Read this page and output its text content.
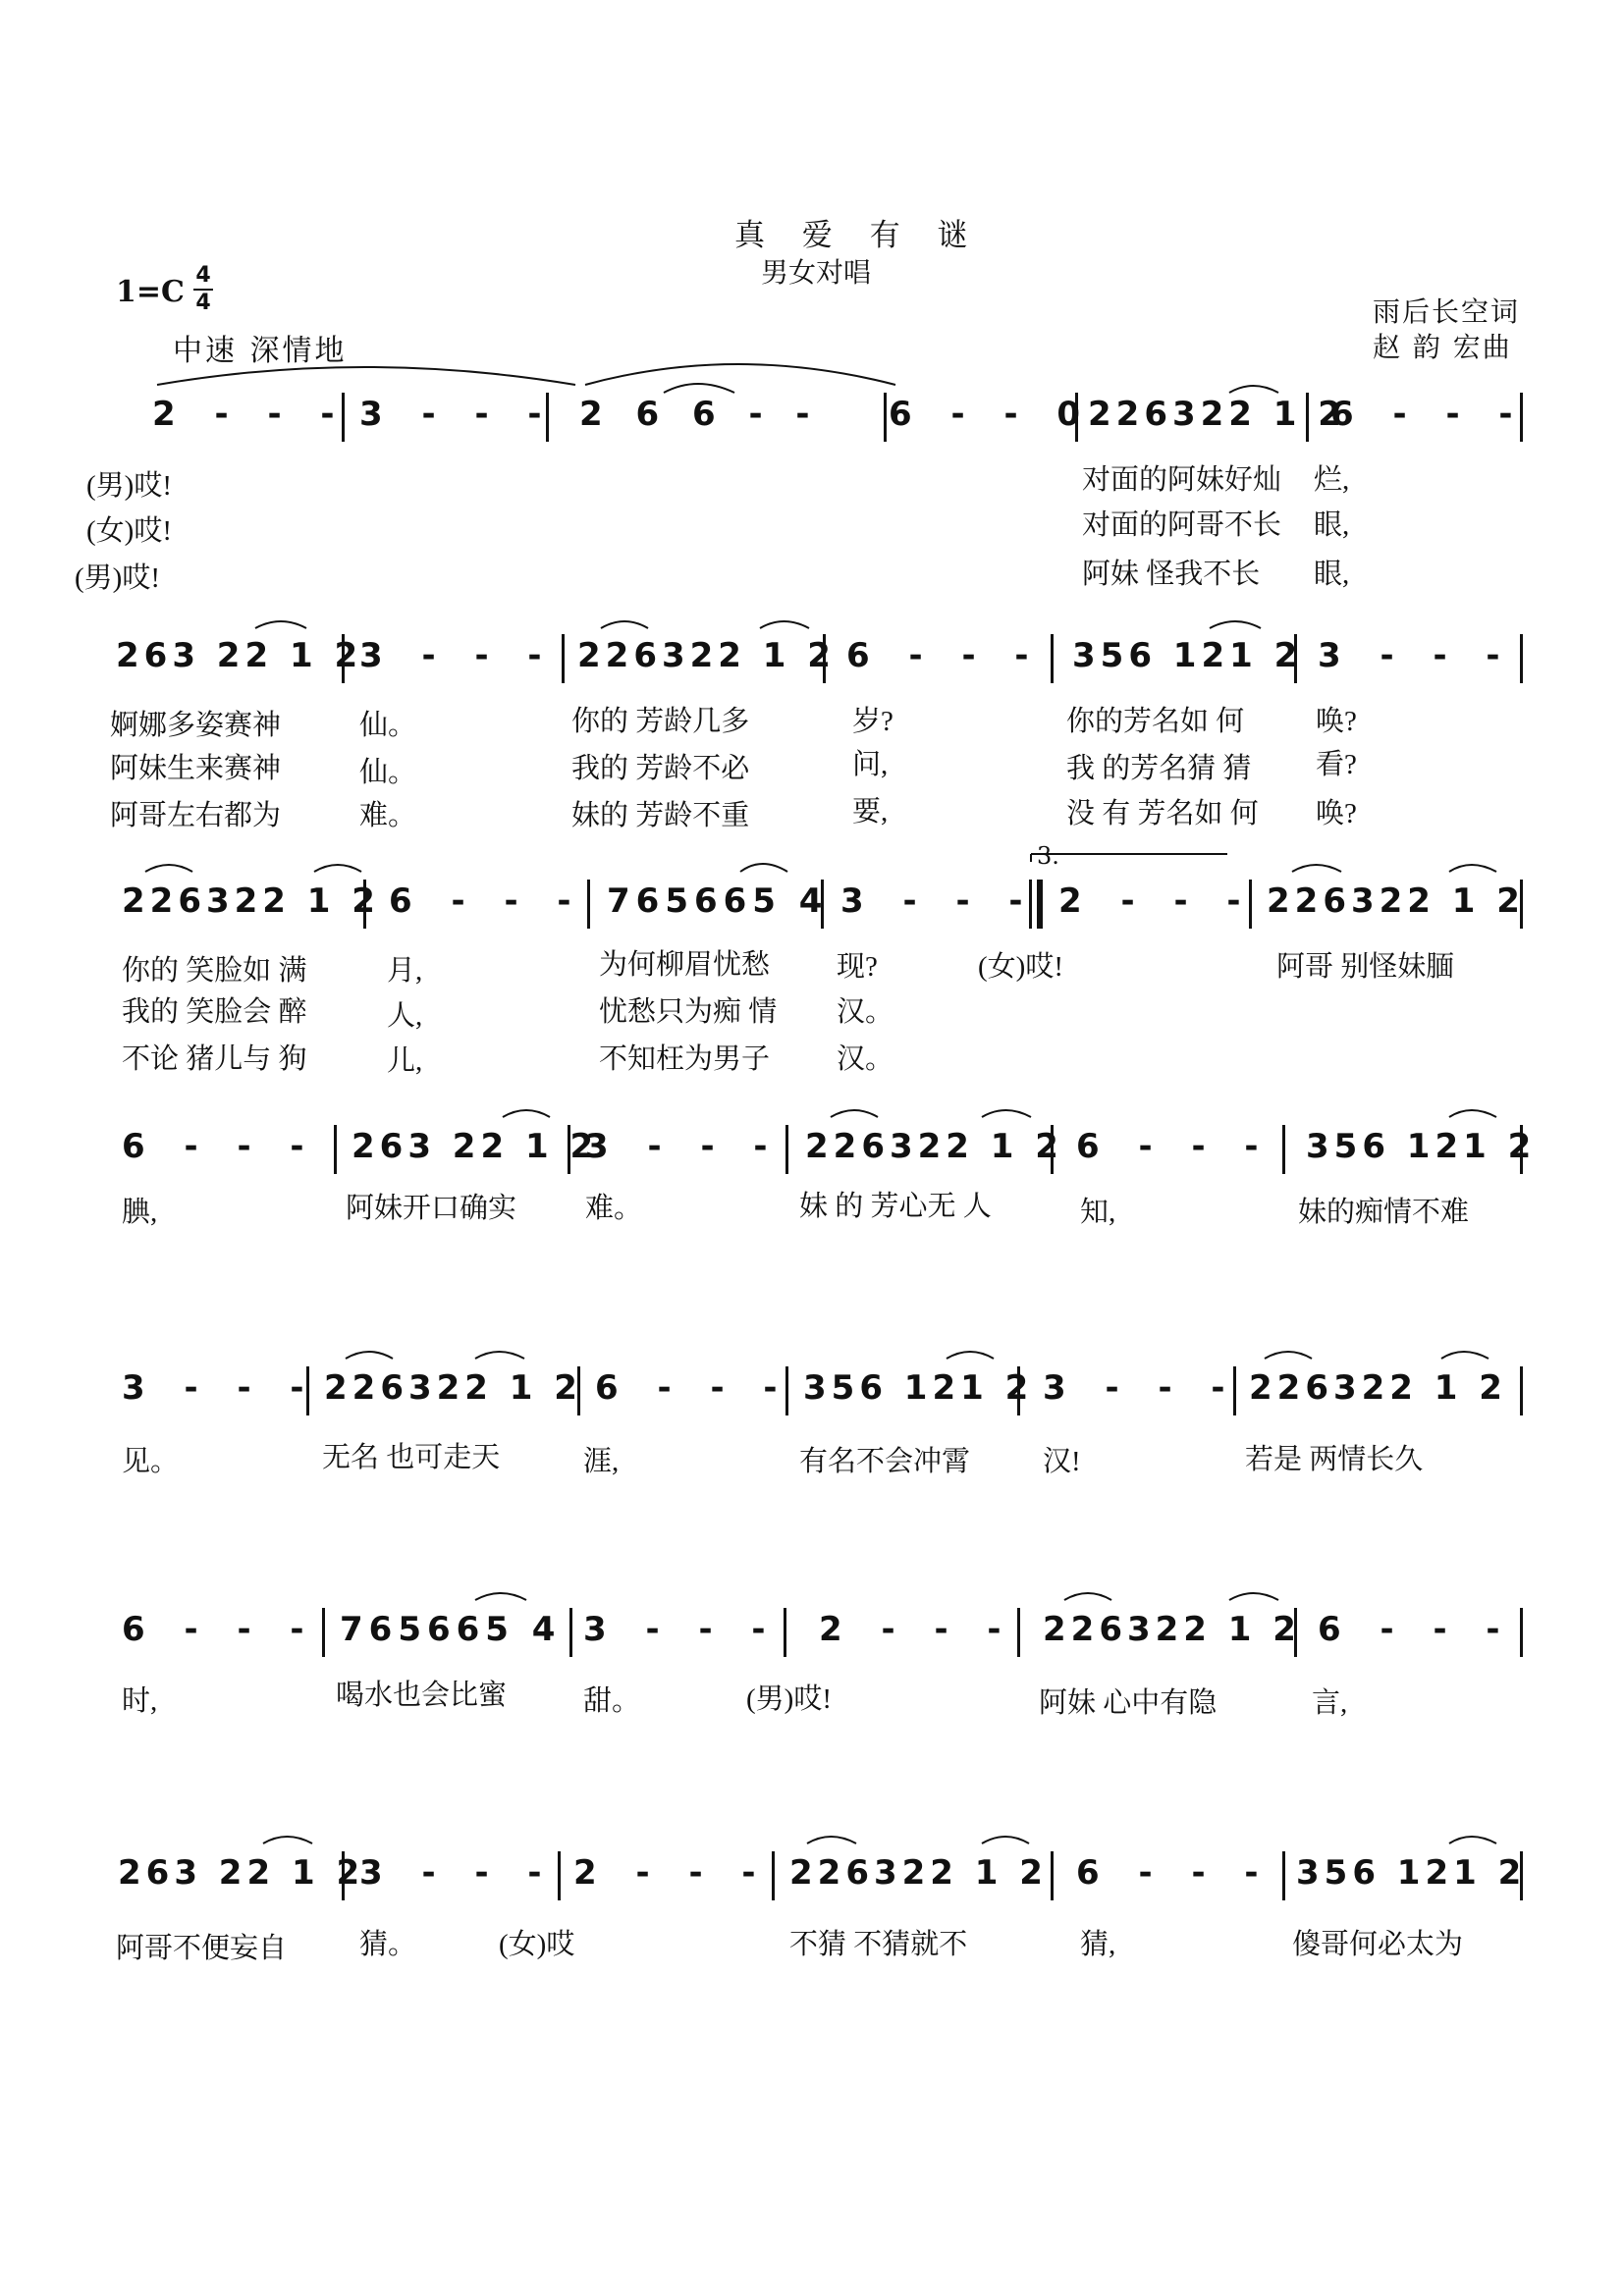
真 爱 有 谜
男女对唱
1=C 4
4
中速 深情地
雨后长空词
赵 韵 宏曲
2 - - - 3 - - - 2 6 6 - - 6 - - 0 226322 1 2
6 - - -
(男)哎!	对面的阿妹好灿 烂,
(女)哎!	对面的阿哥不长 眼,
(男)哎!	阿妹 怪我不长 眼,
263 22 1 2
3 - - - 226322 1 2 6 - - - 356 121 2 3 - - -
婀娜多姿赛神	仙。	你的 芳龄几多	岁?	你的芳名如 何	唤?
阿妹生来赛神	仙。	我的 芳龄不必	问,	我 的芳名猜 猜 看?
阿哥左右都为	难。	妹的 芳龄不重	要,	没 有 芳名如 何 唤?
226322 1 2 6 - - - 765665 4 3 - - - 2 - - - 226322 1 2
3.
你的 笑脸如 满	月,	为何柳眉忧愁 现?	(女)哎!	阿哥 别怪妹腼
我的 笑脸会 醉	人,	忧愁只为痴 情 汉。
不论 猪儿与 狗	儿,	不知枉为男子 汉。
6 - - - 263 22 1 2
3 - - - 226322 1 2 6 - - - 356 121 2
腆,	阿妹开口确实 难。	妹 的 芳心无 人	知,	妹的痴情不难
3 - - - 226322 1 2 6 - - - 356 121 2 3 - - - 226322 1 2
见。	无名 也可走天	涯,	有名不会冲霄	汉!	若是 两情长久
6 - - - 765665 4 3 - - - 2 - - - 226322 1 2 6 - - -
时,	喝水也会比蜜	甜。	(男)哎!	阿妹 心中有隐	言,
263 22 1 2
3 - - - 2 - - - 226322 1 2 6 - - - 356 121 2
阿哥不便妄自	猜。	(女)哎	不猜 不猜就不	猜,	傻哥何必太为
